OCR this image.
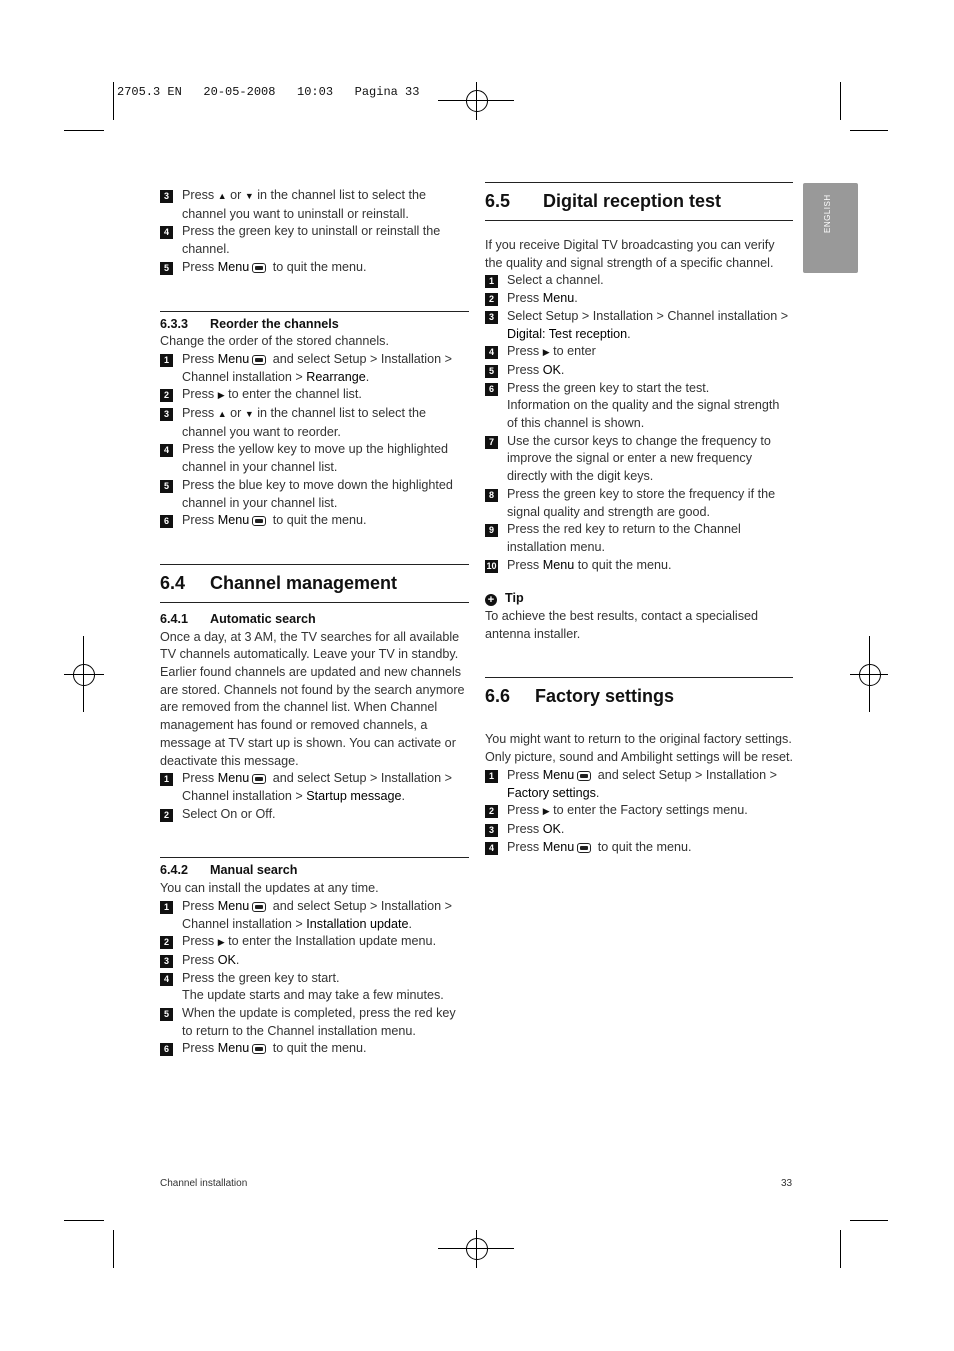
2705.3 EN   20-05-2008   10:03   Pagina 33
ENGLISH
3	Press ▲ or ▼ in the channel list to select the channel you want to uninstall or reinstall.
4	Press the green key to uninstall or reinstall the channel.
5	Press Menu to quit the menu.
6.3.3 Reorder the channels
Change the order of the stored channels.
1	Press Menu and select Setup > Installation > Channel installation > Rearrange.
2	Press ▶ to enter the channel list.
3	Press ▲ or ▼ in the channel list to select the channel you want to reorder.
4	Press the yellow key to move up the highlighted channel in your channel list.
5	Press the blue key to move down the highlighted channel in your channel list.
6	Press Menu to quit the menu.
6.4 Channel management
6.4.1 Automatic search
Once a day, at 3 AM, the TV searches for all available TV channels automatically. Leave your TV in standby.
Earlier found channels are updated and new channels are stored. Channels not found by the search anymore are removed from the channel list. When Channel management has found or removed channels, a message at TV start up is shown. You can activate or deactivate this message.
1	Press Menu and select Setup > Installation > Channel installation > Startup message.
2	Select On or Off.
6.4.2 Manual search
You can install the updates at any time.
1	Press Menu and select Setup > Installation > Channel installation > Installation update.
2	Press ▶ to enter the Installation update menu.
3	Press OK.
4	Press the green key to start.
The update starts and may take a few minutes.
5	When the update is completed, press the red key to return to the Channel installation menu.
6	Press Menu to quit the menu.
6.5 Digital reception test
If you receive Digital TV broadcasting you can verify the quality and signal strength of a specific channel.
1	Select a channel.
2	Press Menu.
3	Select Setup > Installation > Channel installation > Digital: Test reception.
4	Press ▶ to enter
5	Press OK.
6	Press the green key to start the test.
Information on the quality and the signal strength of this channel is shown.
7	Use the cursor keys to change the frequency to improve the signal or enter a new frequency directly with the digit keys.
8	Press the green key to store the frequency if the signal quality and strength are good.
9	Press the red key to return to the Channel installation menu.
10 Press Menu to quit the menu.
+ Tip
To achieve the best results, contact a specialised antenna installer.
6.6 Factory settings
You might want to return to the original factory settings. Only picture, sound and Ambilight settings will be reset.
1	Press Menu and select Setup > Installation > Factory settings.
2	Press ▶ to enter the Factory settings menu.
3	Press OK.
4	Press Menu to quit the menu.
Channel installation	33
